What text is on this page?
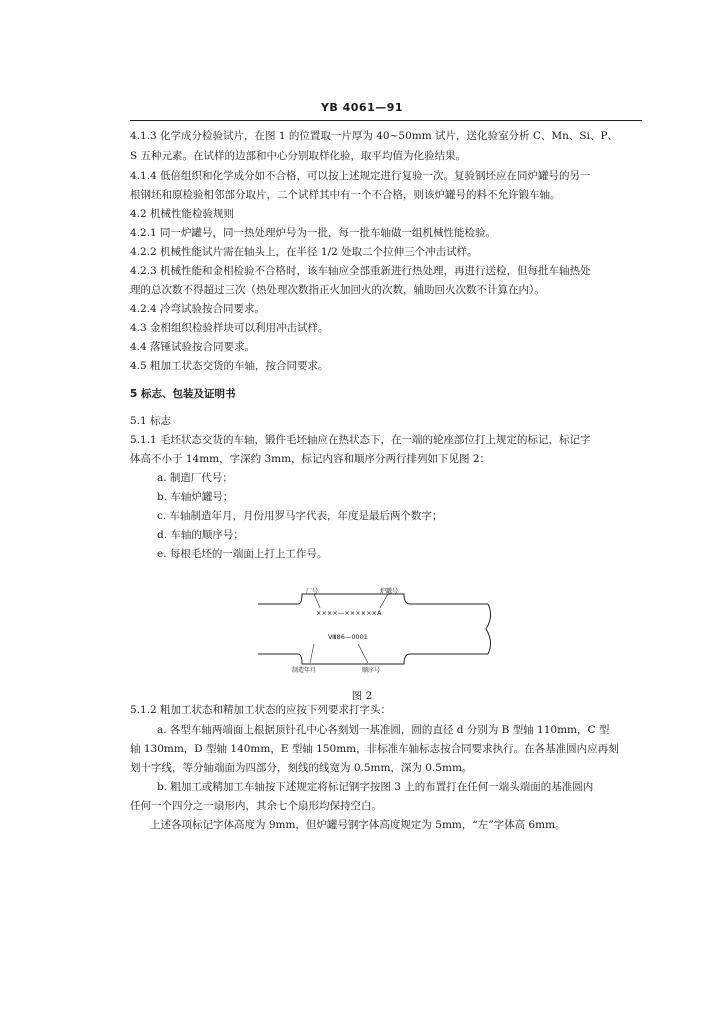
YB 4061—91
4.1.3 化学成分检验试片，在图 1 的位置取一片厚为 40~50mm 试片，送化验室分析 C、Mn、Si、P、
S 五种元素。在试样的边部和中心分别取样化验，取平均值为化验结果。
4.1.4 低倍组织和化学成分如不合格，可以按上述规定进行复验一次。复验钢坯应在同炉罐号的另一
根钢坯和原检验相邻部分取片，二个试样其中有一个不合格，则该炉罐号的料不允许锻车轴。
4.2 机械性能检验规则
4.2.1 同一炉罐号，同一热处理炉号为一批，每一批车轴做一组机械性能检验。
4.2.2 机械性能试片需在轴头上，在半径 1/2 处取二个拉伸三个冲击试样。
4.2.3 机械性能和金相检验不合格时，该车轴应全部重新进行热处理，再进行送检，但每批车轴热处
理的总次数不得超过三次（热处理次数指正火加回火的次数，辅助回火次数不计算在内）。
4.2.4 冷弯试验按合同要求。
4.3 金相组织检验样块可以利用冲击试样。
4.4 落锤试验按合同要求。
4.5 粗加工状态交货的车轴，按合同要求。
5 标志、包装及证明书
5.1 标志
5.1.1 毛坯状态交货的车轴，锻件毛坯轴应在热状态下，在一端的轮座部位打上规定的标记，标记字
体高不小于 14mm，字深约 3mm，标记内容和顺序分两行排列如下见图 2：
a. 制造厂代号；
b. 车轴炉罐号；
c. 车轴制造年月，月份用罗马字代表，年度是最后两个数字；
d. 车轴的顺序号；
e. 每根毛坯的一端面上打上工作号。
厂号	炉罐号
××××—××××××A
Ⅷ86—0001
制造年月	顺序号
图 2
5.1.2 粗加工状态和精加工状态的应按下列要求打字头：
a. 各型车轴两端面上根据顶针孔中心各刻划一基准圆，圆的直径 d 分别为 B 型轴 110mm，C 型
轴 130mm，D 型轴 140mm，E 型轴 150mm，非标准车轴标志按合同要求执行。在各基准圆内应再刻
划十字线，等分轴端面为四部分，刻线的线宽为 0.5mm，深为 0.5mm。
b. 粗加工或精加工车轴按下述规定将标记钢字按图 3 上的布置打在任何一端头端面的基准圆内
任何一个四分之一扇形内，其余七个扇形均保持空白。
上述各项标记字体高度为 9mm，但炉罐号钢字体高度规定为 5mm，“左”字体高 6mm。
